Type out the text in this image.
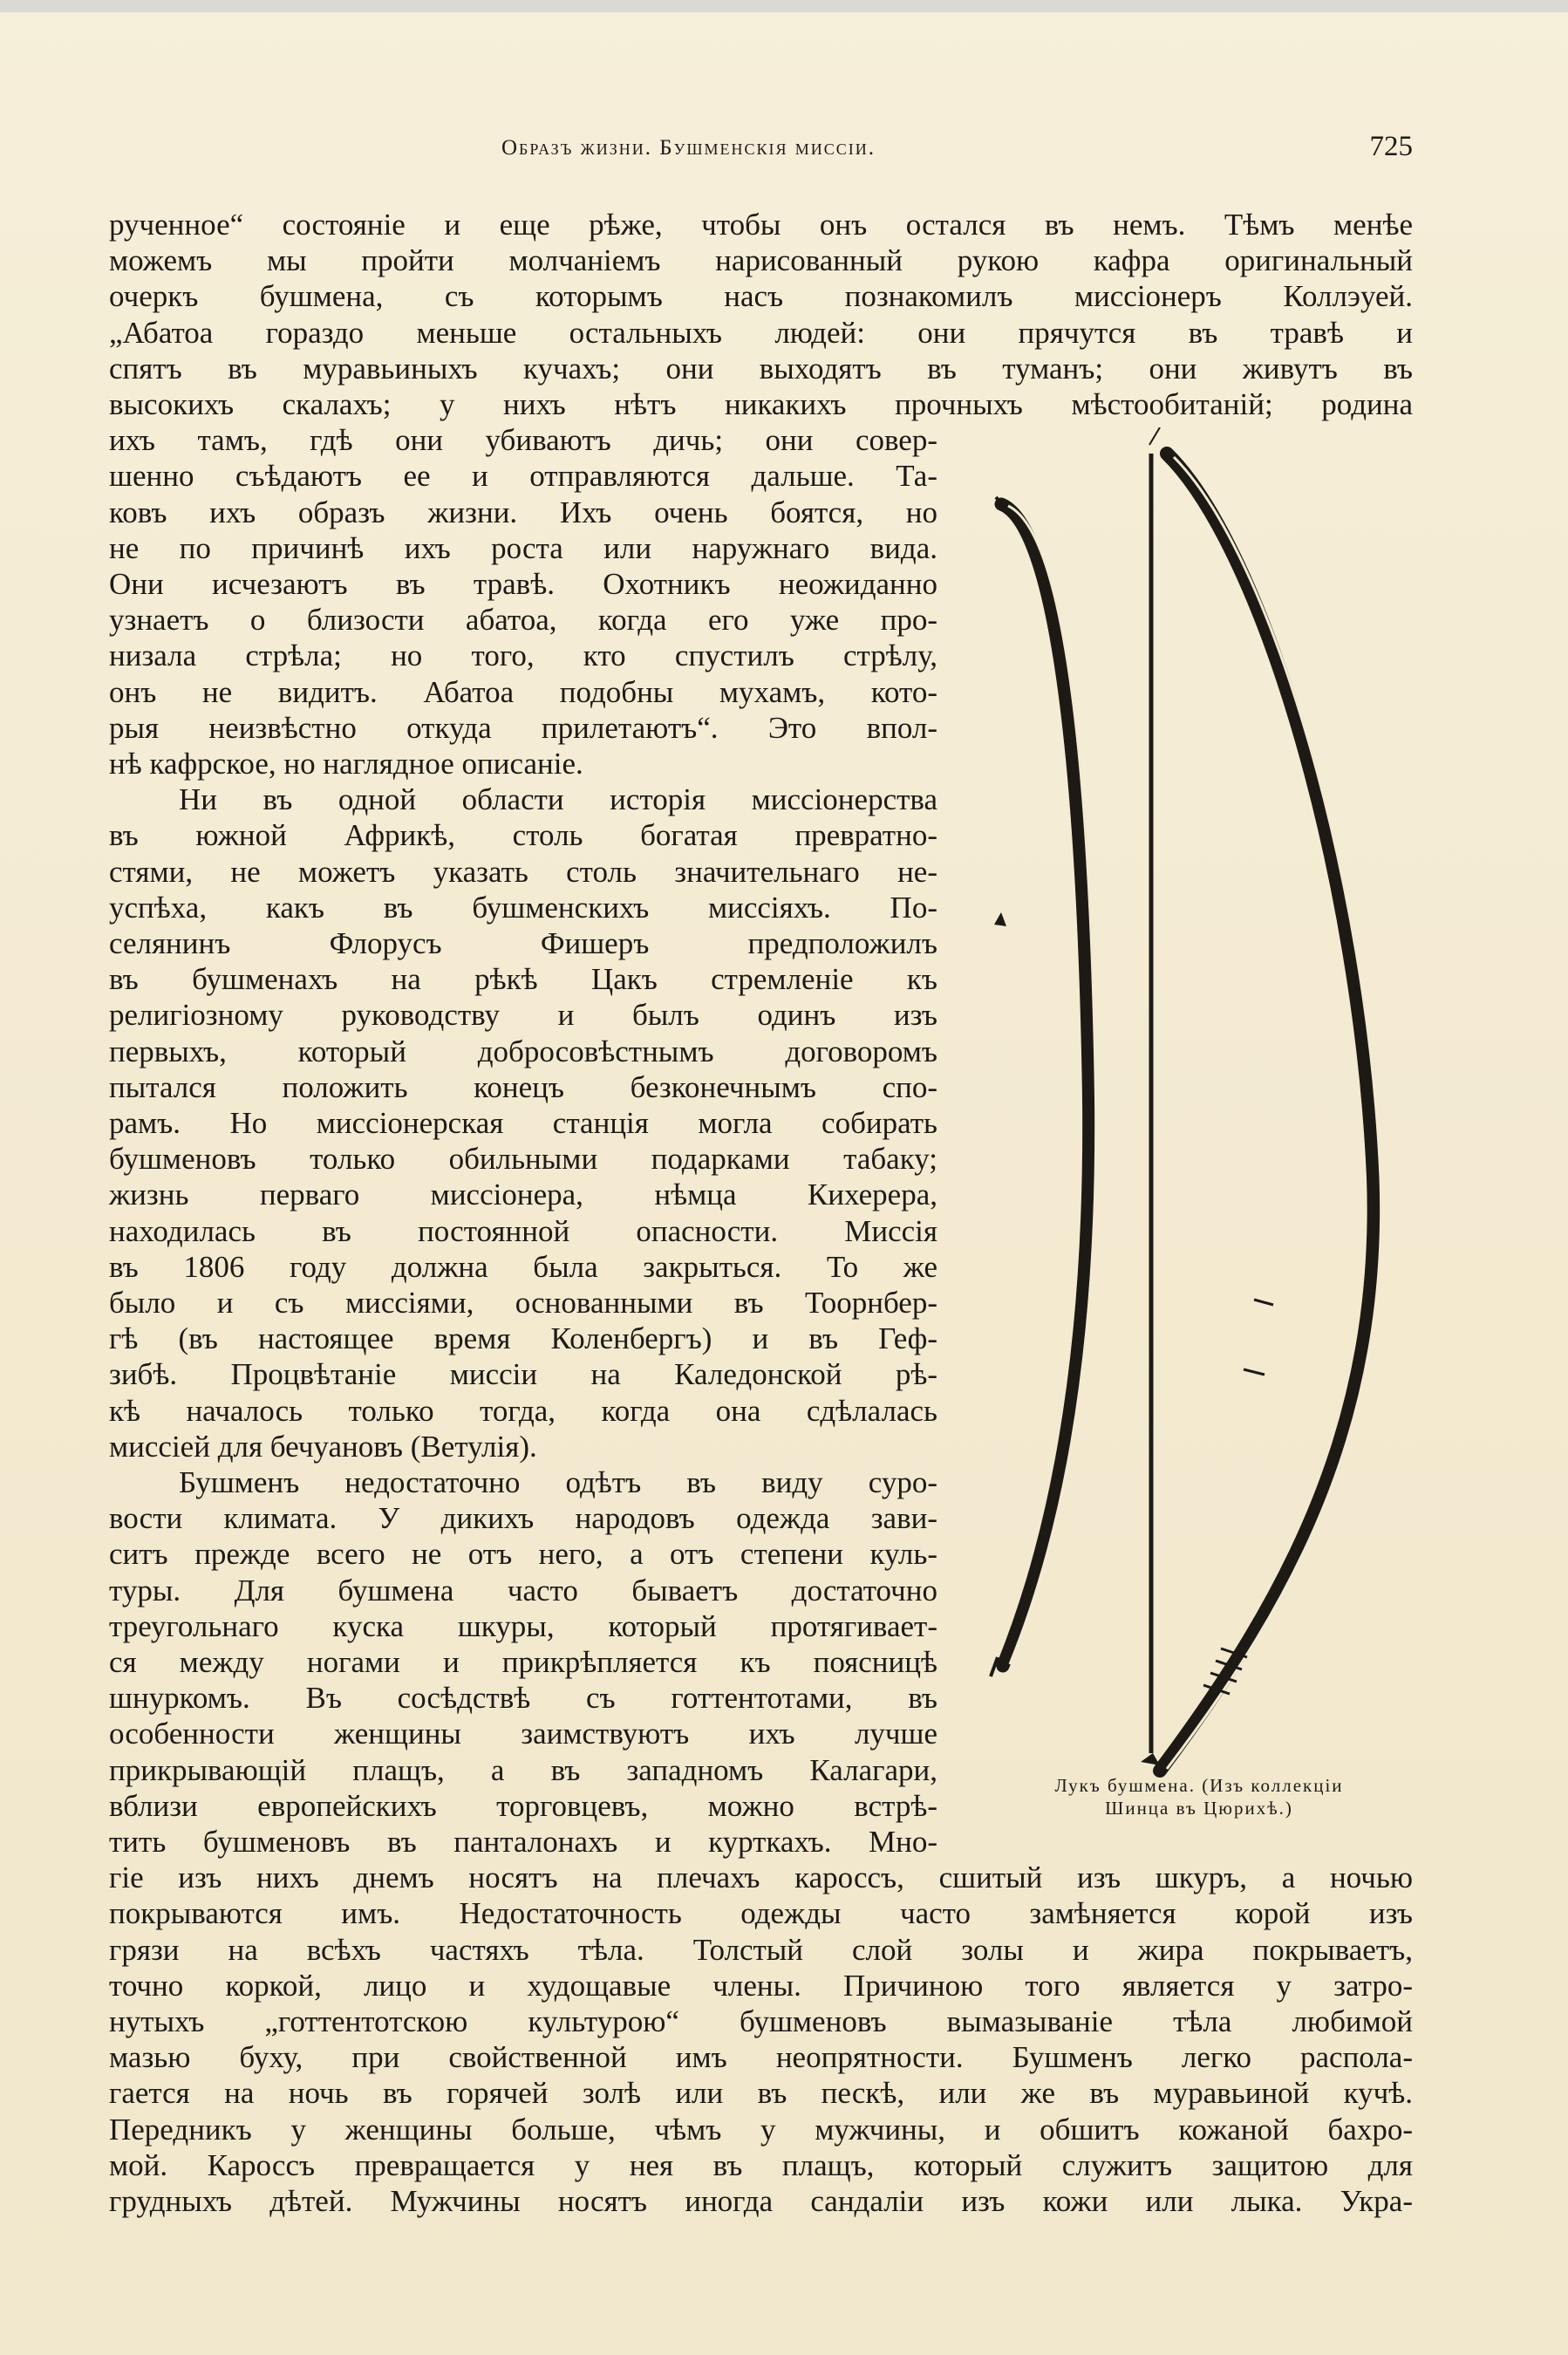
Образъ жизни. Бушменскія миссіи.	725
рученное“ состояніе и еще рѣже, чтобы онъ остался въ немъ. Тѣмъ менѣе
можемъ мы пройти молчаніемъ нарисованный рукою кафра оригинальный
очеркъ бушмена, съ которымъ насъ познакомилъ миссіонеръ Коллэуей.
„Абатоа гораздо меньше остальныхъ людей: они прячутся въ травѣ и
спятъ въ муравьиныхъ кучахъ; они выходятъ въ туманъ; они живутъ въ
высокихъ скалахъ; у нихъ нѣтъ никакихъ прочныхъ мѣстообитаній; родина
ихъ тамъ, гдѣ они убиваютъ дичь; они совер-
шенно съѣдаютъ ее и отправляются дальше. Та-
ковъ ихъ образъ жизни. Ихъ очень боятся, но
не по причинѣ ихъ роста или наружнаго вида.
Они исчезаютъ въ травѣ. Охотникъ неожиданно
узнаетъ о близости абатоа, когда его уже про-
низала стрѣла; но того, кто спустилъ стрѣлу,
онъ не видитъ. Абатоа подобны мухамъ, кото-
рыя неизвѣстно откуда прилетаютъ“. Это впол-
нѣ кафрское, но наглядное описаніе.
Ни въ одной области исторія миссіонерства
въ южной Африкѣ, столь богатая превратно-
стями, не можетъ указать столь значительнаго не-
успѣха, какъ въ бушменскихъ миссіяхъ. По-
селянинъ Флорусъ Фишеръ предположилъ
въ бушменахъ на рѣкѣ Цакъ стремленіе къ
религіозному руководству и былъ одинъ изъ
первыхъ, который добросовѣстнымъ договоромъ
пытался положить конецъ безконечнымъ спо-
рамъ. Но миссіонерская станція могла собирать
бушменовъ только обильными подарками табаку;
жизнь перваго миссіонера, нѣмца Кихерера,
находилась въ постоянной опасности. Миссія
въ 1806 году должна была закрыться. То же
было и съ миссіями, основанными въ Тоорнбер-
гѣ (въ настоящее время Коленбергъ) и въ Геф-
зибѣ. Процвѣтаніе миссіи на Каледонской рѣ-
кѣ началось только тогда, когда она сдѣлалась
миссіей для бечуановъ (Ветулія).
Бушменъ недостаточно одѣтъ въ виду суро-
вости климата. У дикихъ народовъ одежда зави-
ситъ прежде всего не отъ него, а отъ степени куль-
туры. Для бушмена часто бываетъ достаточно
треугольнаго куска шкуры, который протягивает-
ся между ногами и прикрѣпляется къ поясницѣ
шнуркомъ. Въ сосѣдствѣ съ готтентотами, въ
особенности женщины заимствуютъ ихъ лучше
прикрывающій плащъ, а въ западномъ Калагари,
вблизи европейскихъ торговцевъ, можно встрѣ-
тить бушменовъ въ панталонахъ и курткахъ. Мно-
гіе изъ нихъ днемъ носятъ на плечахъ кароссъ, сшитый изъ шкуръ, а ночью
покрываются имъ. Недостаточность одежды часто замѣняется корой изъ
грязи на всѣхъ частяхъ тѣла. Толстый слой золы и жира покрываетъ,
точно коркой, лицо и худощавые члены. Причиною того является у затро-
нутыхъ „готтентотскою культурою“ бушменовъ вымазываніе тѣла любимой
мазью буху, при свойственной имъ неопрятности. Бушменъ легко распола-
гается на ночь въ горячей золѣ или въ пескѣ, или же въ муравьиной кучѣ.
Передникъ у женщины больше, чѣмъ у мужчины, и обшитъ кожаной бахро-
мой. Кароссъ превращается у нея въ плащъ, который служитъ защитою для
грудныхъ дѣтей. Мужчины носятъ иногда сандаліи изъ кожи или лыка. Укра-
Лукъ бушмена. (Изъ коллекціи
Шинца въ Цюрихѣ.)
